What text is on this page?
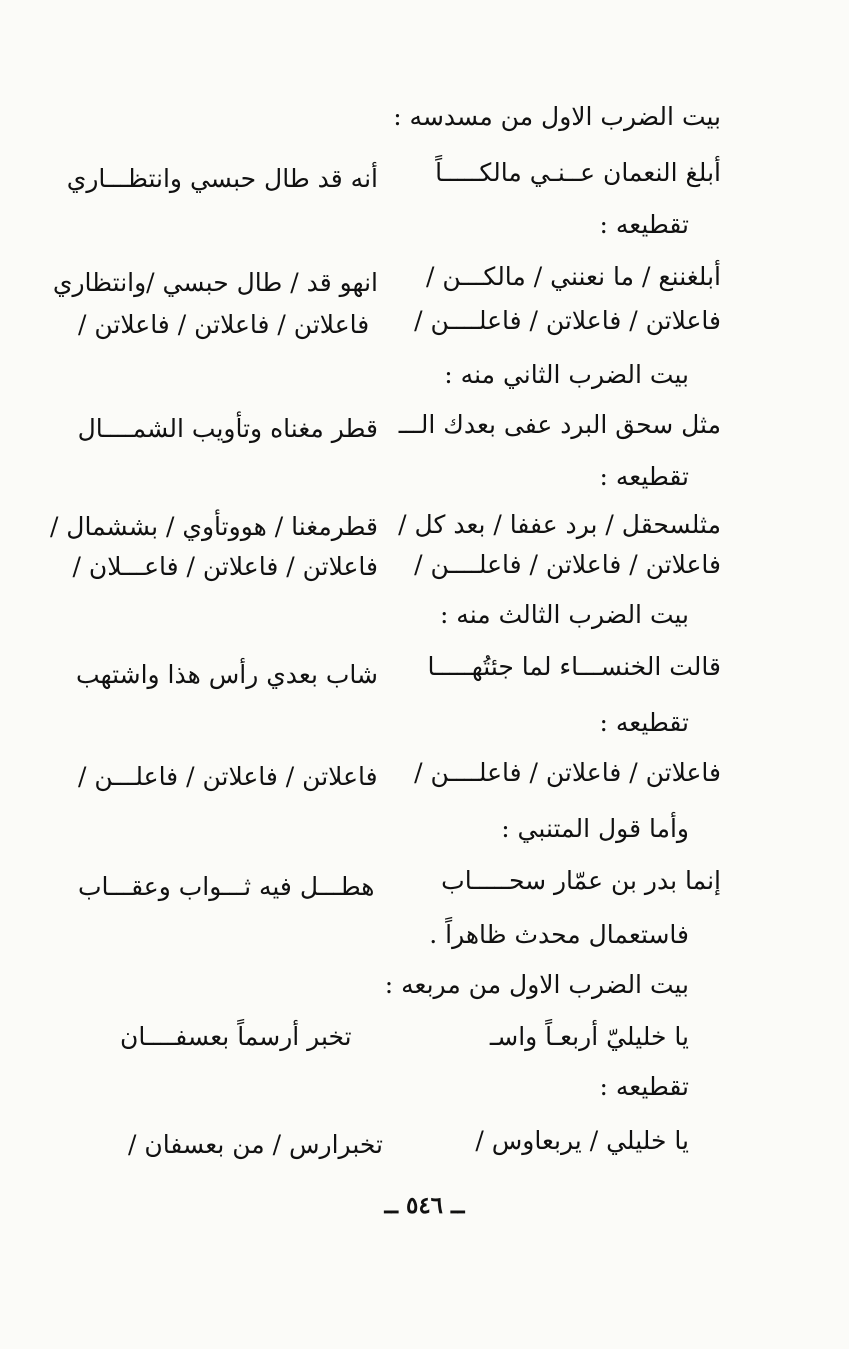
بيت الضرب الاول من مسدسه :
أبلغ النعمان عــنـي مالكـــــاً
أنه قد طال حبسي وانتظـــاري
تقطيعه :
أبلغننع / ما نعنني / مالكـــن /
انهو قد / طال حبسي /وانتظاري
فاعلاتن / فاعلاتن / فاعلــــن /
فاعلاتن / فاعلاتن / فاعلاتن /
بيت الضرب الثاني منه :
مثل سحق البرد عفى بعدك الـــ
قطر مغناه وتأويب الشمــــال
تقطيعه :
مثلسحقل / برد عففا / بعد كل /
قطرمغنا / هووتأوي / بششمال /
فاعلاتن / فاعلاتن / فاعلــــن /
فاعلاتن / فاعلاتن / فاعـــلان /
بيت الضرب الثالث منه :
قالت الخنســـاء لما جئتُهـــــا
شاب بعدي رأس هذا واشتهب
تقطيعه :
فاعلاتن / فاعلاتن / فاعلــــن /
فاعلاتن / فاعلاتن / فاعلـــن /
وأما قول المتنبي :
إنما بدر بن عمّار سحـــــاب
هطـــل فيه ثـــواب وعقـــاب
فاستعمال محدث ظاهراً .
بيت الضرب الاول من مربعه :
يا خليليّ أربعـاً واسـ
تخبر أرسماً بعسفــــان
تقطيعه :
يا خليلي / يربعاوس /
تخبرارس / من بعسفان /
ــ ٥٤٦ ــ
